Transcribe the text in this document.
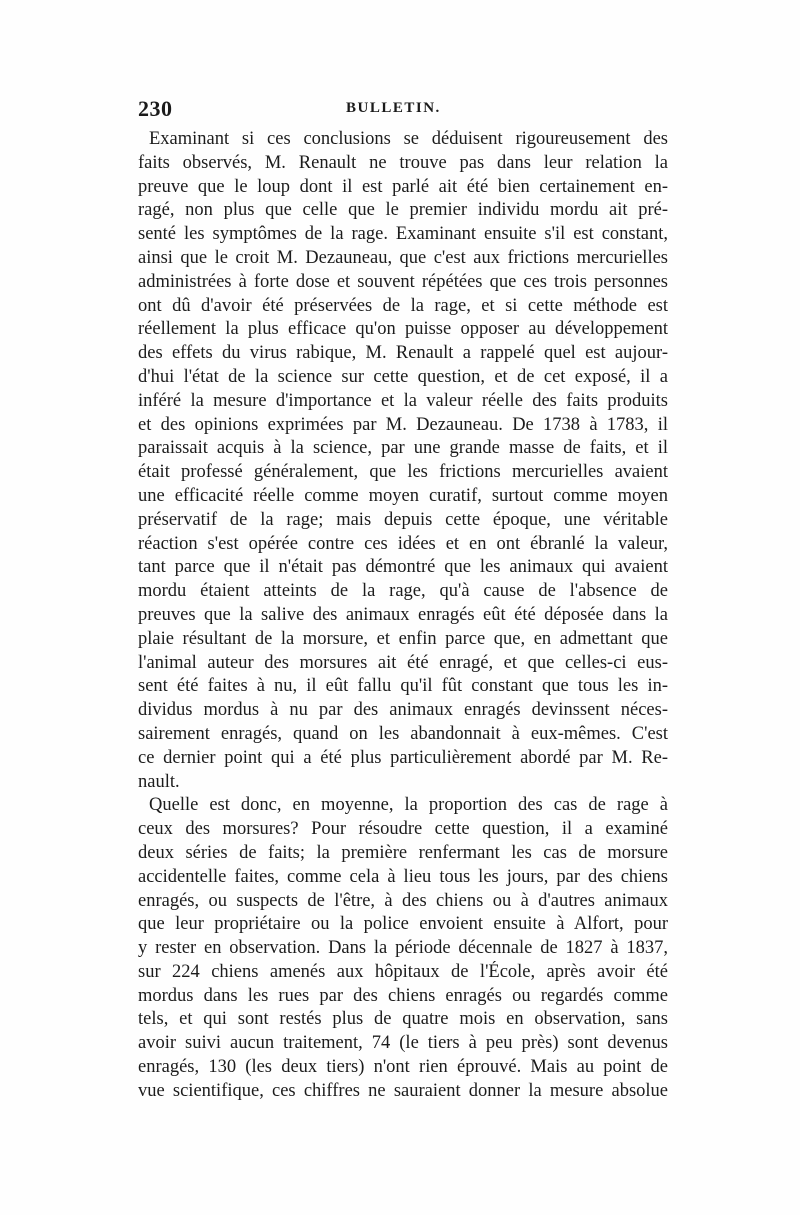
230	BULLETIN.
Examinant si ces conclusions se déduisent rigoureusement des
faits observés, M. Renault ne trouve pas dans leur relation la
preuve que le loup dont il est parlé ait été bien certainement en-
ragé, non plus que celle que le premier individu mordu ait pré-
senté les symptômes de la rage. Examinant ensuite s'il est constant,
ainsi que le croit M. Dezauneau, que c'est aux frictions mercurielles
administrées à forte dose et souvent répétées que ces trois personnes
ont dû d'avoir été préservées de la rage, et si cette méthode est
réellement la plus efficace qu'on puisse opposer au développement
des effets du virus rabique, M. Renault a rappelé quel est aujour-
d'hui l'état de la science sur cette question, et de cet exposé, il a
inféré la mesure d'importance et la valeur réelle des faits produits
et des opinions exprimées par M. Dezauneau. De 1738 à 1783, il
paraissait acquis à la science, par une grande masse de faits, et il
était professé généralement, que les frictions mercurielles avaient
une efficacité réelle comme moyen curatif, surtout comme moyen
préservatif de la rage; mais depuis cette époque, une véritable
réaction s'est opérée contre ces idées et en ont ébranlé la valeur,
tant parce que il n'était pas démontré que les animaux qui avaient
mordu étaient atteints de la rage, qu'à cause de l'absence de
preuves que la salive des animaux enragés eût été déposée dans la
plaie résultant de la morsure, et enfin parce que, en admettant que
l'animal auteur des morsures ait été enragé, et que celles-ci eus-
sent été faites à nu, il eût fallu qu'il fût constant que tous les in-
dividus mordus à nu par des animaux enragés devinssent néces-
sairement enragés, quand on les abandonnait à eux-mêmes. C'est
ce dernier point qui a été plus particulièrement abordé par M. Re-
nault.
Quelle est donc, en moyenne, la proportion des cas de rage à
ceux des morsures? Pour résoudre cette question, il a examiné
deux séries de faits; la première renfermant les cas de morsure
accidentelle faites, comme cela à lieu tous les jours, par des chiens
enragés, ou suspects de l'être, à des chiens ou à d'autres animaux
que leur propriétaire ou la police envoient ensuite à Alfort, pour
y rester en observation. Dans la période décennale de 1827 à 1837,
sur 224 chiens amenés aux hôpitaux de l'École, après avoir été
mordus dans les rues par des chiens enragés ou regardés comme
tels, et qui sont restés plus de quatre mois en observation, sans
avoir suivi aucun traitement, 74 (le tiers à peu près) sont devenus
enragés, 130 (les deux tiers) n'ont rien éprouvé. Mais au point de
vue scientifique, ces chiffres ne sauraient donner la mesure absolue
